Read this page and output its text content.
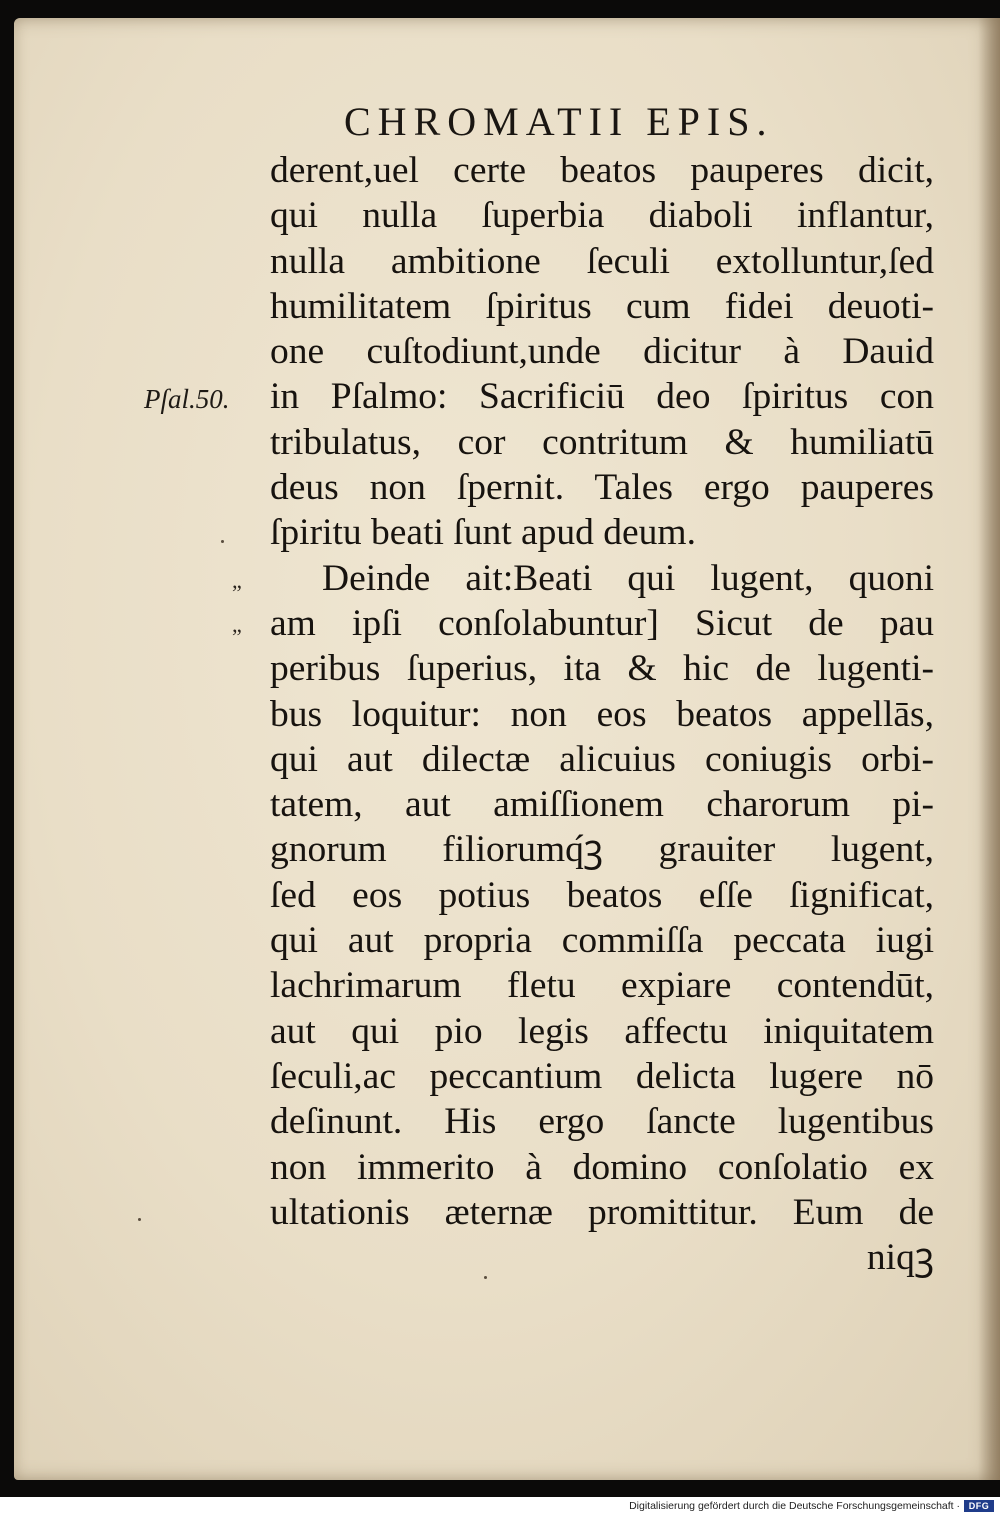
CHROMATII EPIS.
Pſal.50.
”
”
derent,uel certe beatos pauperes dicit,
qui nulla ſuperbia diaboli inflantur,
nulla ambitione ſeculi extolluntur,ſed
humilitatem ſpiritus cum fidei deuoti-
one cuſtodiunt,unde dicitur à Dauid
in Pſalmo: Sacrificiū deo ſpiritus con
tribulatus, cor contritum & humiliatū
deus non ſpernit. Tales ergo pauperes
ſpiritu beati ſunt apud deum.
Deinde ait:Beati qui lugent, quoni
am ipſi conſolabuntur] Sicut de pau
peribus ſuperius, ita & hic de lugenti-
bus loquitur: non eos beatos appellās,
qui aut dilectæ alicuius coniugis orbi-
tatem, aut amiſſionem charorum pi-
gnorum filiorumq́ꝫ grauiter lugent,
ſed eos potius beatos eſſe ſignificat,
qui aut propria commiſſa peccata iugi
lachrimarum fletu expiare contendūt,
aut qui pio legis affectu iniquitatem
ſeculi,ac peccantium delicta lugere nō
deſinunt. His ergo ſancte lugentibus
non immerito à domino conſolatio ex
ultationis æternæ promittitur. Eum de
niqꝫ
Digitalisierung gefördert durch die Deutsche Forschungsgemeinschaft · DFG
